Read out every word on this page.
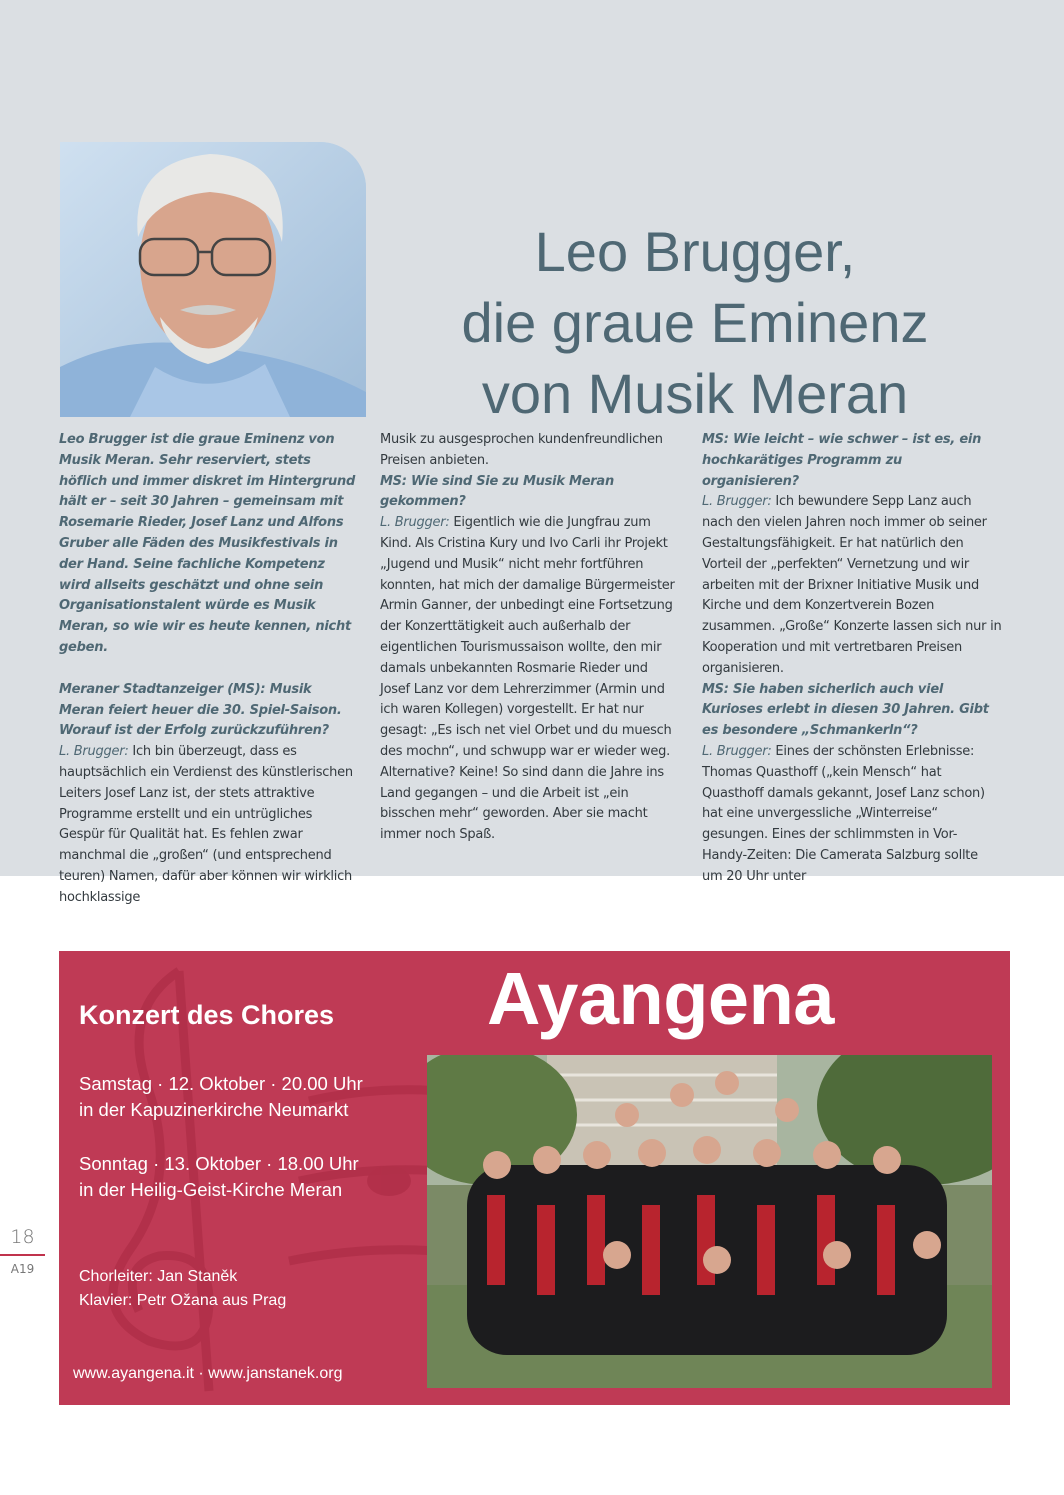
Leo Brugger,
die graue Eminenz
von Musik Meran

Leo Brugger ist die graue Eminenz von Musik Meran. Sehr reserviert, stets höflich und immer diskret im Hintergrund hält er – seit 30 Jahren – gemeinsam mit Rosemarie Rieder, Josef Lanz und Alfons Gruber alle Fäden des Musikfestivals in der Hand. Seine fachliche Kompetenz wird allseits geschätzt und ohne sein Organisationstalent würde es Musik Meran, so wie wir es heute kennen, nicht geben.

Meraner Stadtanzeiger (MS): Musik Meran feiert heuer die 30. Spiel-Saison. Worauf ist der Erfolg zurückzuführen?

L. Brugger: Ich bin überzeugt, dass es hauptsächlich ein Verdienst des künstlerischen Leiters Josef Lanz ist, der stets attraktive Programme erstellt und ein untrügliches Gespür für Qualität hat. Es fehlen zwar manchmal die „großen“ (und entsprechend teuren) Namen, dafür aber können wir wirklich hochklassige

Musik zu ausgesprochen kundenfreundlichen Preisen anbieten.

MS: Wie sind Sie zu Musik Meran gekommen?

L. Brugger: Eigentlich wie die Jungfrau zum Kind. Als Cristina Kury und Ivo Carli ihr Projekt „Jugend und Musik“ nicht mehr fortführen konnten, hat mich der damalige Bürgermeister Armin Ganner, der unbedingt eine Fortsetzung der Konzerttätigkeit auch außerhalb der eigentlichen Tourismussaison wollte, den mir damals unbekannten Rosmarie Rieder und Josef Lanz vor dem Lehrerzimmer (Armin und ich waren Kollegen) vorgestellt. Er hat nur gesagt: „Es isch net viel Orbet und du muesch des mochn“, und schwupp war er wieder weg. Alternative? Keine! So sind dann die Jahre ins Land gegangen – und die Arbeit ist „ein bisschen mehr“ geworden. Aber sie macht immer noch Spaß.

MS: Wie leicht – wie schwer – ist es, ein hochkarätiges Programm zu organisieren?

L. Brugger: Ich bewundere Sepp Lanz auch nach den vielen Jahren noch immer ob seiner Gestaltungsfähigkeit. Er hat natürlich den Vorteil der „perfekten“ Vernetzung und wir arbeiten mit der Brixner Initiative Musik und Kirche und dem Konzertverein Bozen zusammen. „Große“ Konzerte lassen sich nur in Kooperation und mit vertretbaren Preisen organisieren.

MS: Sie haben sicherlich auch viel Kurioses erlebt in diesen 30 Jahren. Gibt es besondere „Schmankerln“?

L. Brugger: Eines der schönsten Erlebnisse: Thomas Quasthoff („kein Mensch“ hat Quasthoff damals gekannt, Josef Lanz schon) hat eine unvergessliche „Winterreise“ gesungen. Eines der schlimmsten in Vor-Handy-Zeiten: Die Camerata Salzburg sollte um 20 Uhr unter

18
A19
Ayangena
Konzert des Chores
Samstag · 12. Oktober · 20.00 Uhr
in der Kapuzinerkirche Neumarkt
Sonntag · 13. Oktober · 18.00 Uhr
in der Heilig-Geist-Kirche Meran
Chorleiter: Jan Staněk
Klavier: Petr Ožana aus Prag
www.ayangena.it · www.janstanek.org
